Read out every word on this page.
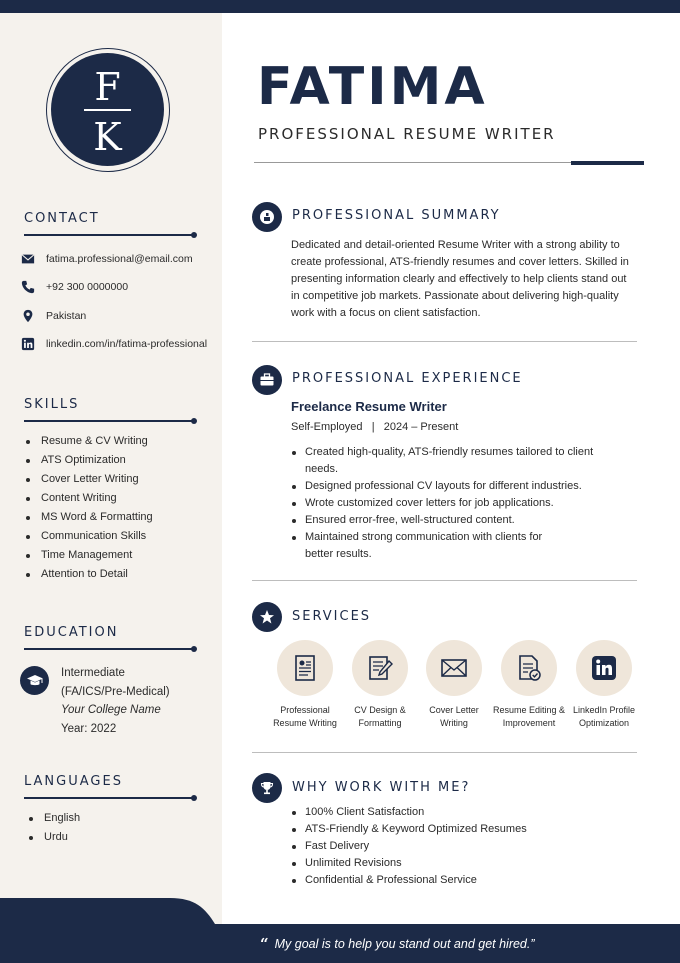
F
K
CONTACT
fatima.professional@email.com
+92 300 0000000
Pakistan
linkedin.com/in/fatima-professional
SKILLS
Resume & CV Writing
ATS Optimization
Cover Letter Writing
Content Writing
MS Word & Formatting
Communication Skills
Time Management
Attention to Detail
EDUCATION
Intermediate
(FA/ICS/Pre-Medical)
Your College Name
Year: 2022
LANGUAGES
English
Urdu
FATIMA
PROFESSIONAL RESUME WRITER
PROFESSIONAL SUMMARY
Dedicated and detail-oriented Resume Writer with a strong ability to create professional, ATS-friendly resumes and cover letters. Skilled in presenting information clearly and effectively to help clients stand out in competitive job markets. Passionate about delivering high-quality work with a focus on client satisfaction.
PROFESSIONAL EXPERIENCE
Freelance Resume Writer
Self-Employed   |   2024 – Present
Created high-quality, ATS-friendly resumes tailored to client needs.
Designed professional CV layouts for different industries.
Wrote customized cover letters for job applications.
Ensured error-free, well-structured content.
Maintained strong communication with clients for better results.
SERVICES
Professional
Resume Writing
CV Design &
Formatting
Cover Letter
Writing
Resume Editing &
Improvement
LinkedIn Profile
Optimization
WHY WORK WITH ME?
100% Client Satisfaction
ATS-Friendly & Keyword Optimized Resumes
Fast Delivery
Unlimited Revisions
Confidential & Professional Service
“ My goal is to help you stand out and get hired.”
